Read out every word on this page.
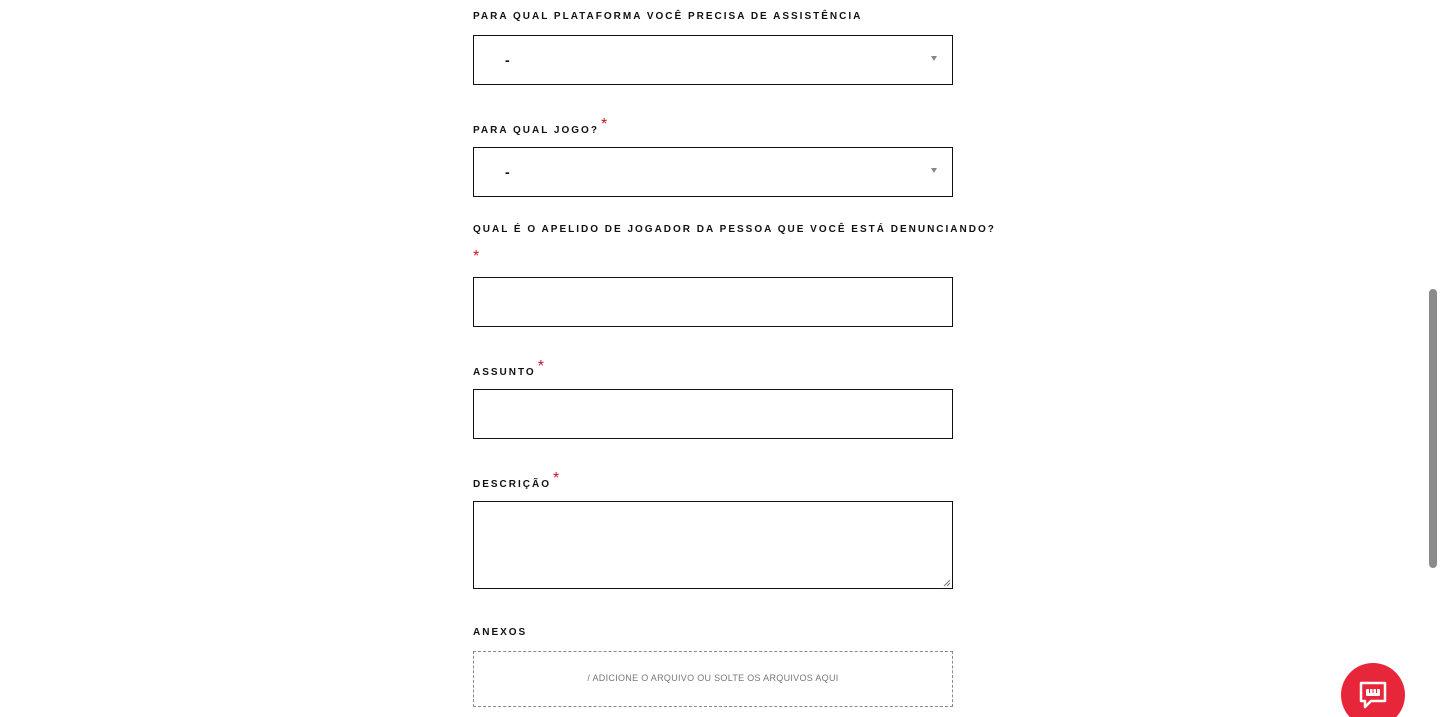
PARA QUAL PLATAFORMA VOCÊ PRECISA DE ASSISTÊNCIA
-
PARA QUAL JOGO? *
-
QUAL É O APELIDO DE JOGADOR DA PESSOA QUE VOCÊ ESTÁ DENUNCIANDO?
*
ASSUNTO *
DESCRIÇÃO *
ANEXOS
/ ADICIONE O ARQUIVO OU SOLTE OS ARQUIVOS AQUI
